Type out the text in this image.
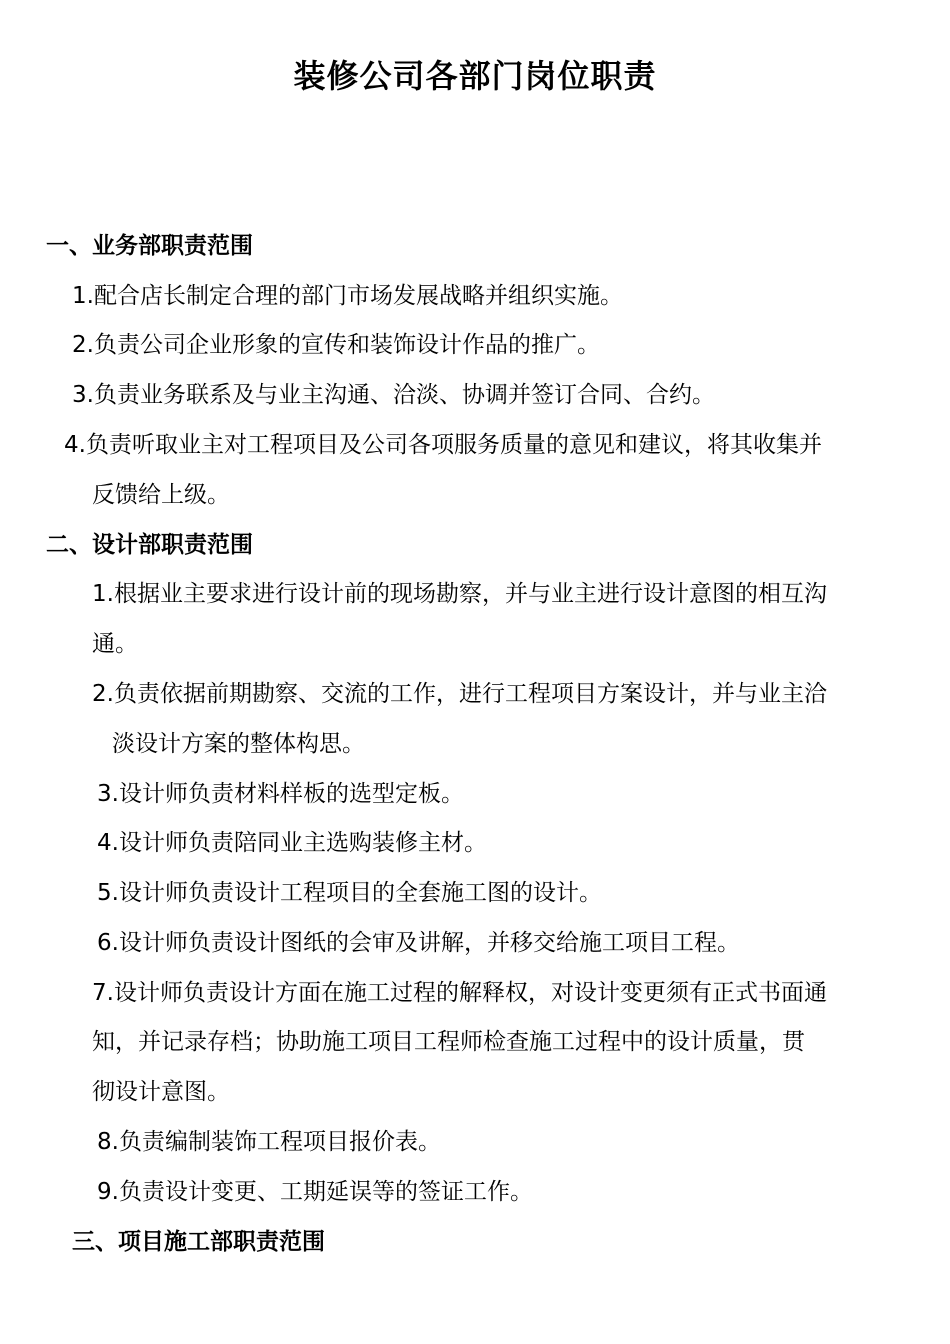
装修公司各部门岗位职责
一、业务部职责范围
1.配合店长制定合理的部门市场发展战略并组织实施。
2.负责公司企业形象的宣传和装饰设计作品的推广。
3.负责业务联系及与业主沟通、洽淡、协调并签订合同、合约。
4.负责听取业主对工程项目及公司各项服务质量的意见和建议，将其收集并
反馈给上级。
二、设计部职责范围
1.根据业主要求进行设计前的现场勘察，并与业主进行设计意图的相互沟
通。
2.负责依据前期勘察、交流的工作，进行工程项目方案设计，并与业主洽
淡设计方案的整体构思。
3.设计师负责材料样板的选型定板。
4.设计师负责陪同业主选购装修主材。
5.设计师负责设计工程项目的全套施工图的设计。
6.设计师负责设计图纸的会审及讲解，并移交给施工项目工程。
7.设计师负责设计方面在施工过程的解释权，对设计变更须有正式书面通
知，并记录存档；协助施工项目工程师检查施工过程中的设计质量，贯
彻设计意图。
8.负责编制装饰工程项目报价表。
9.负责设计变更、工期延误等的签证工作。
三、项目施工部职责范围
